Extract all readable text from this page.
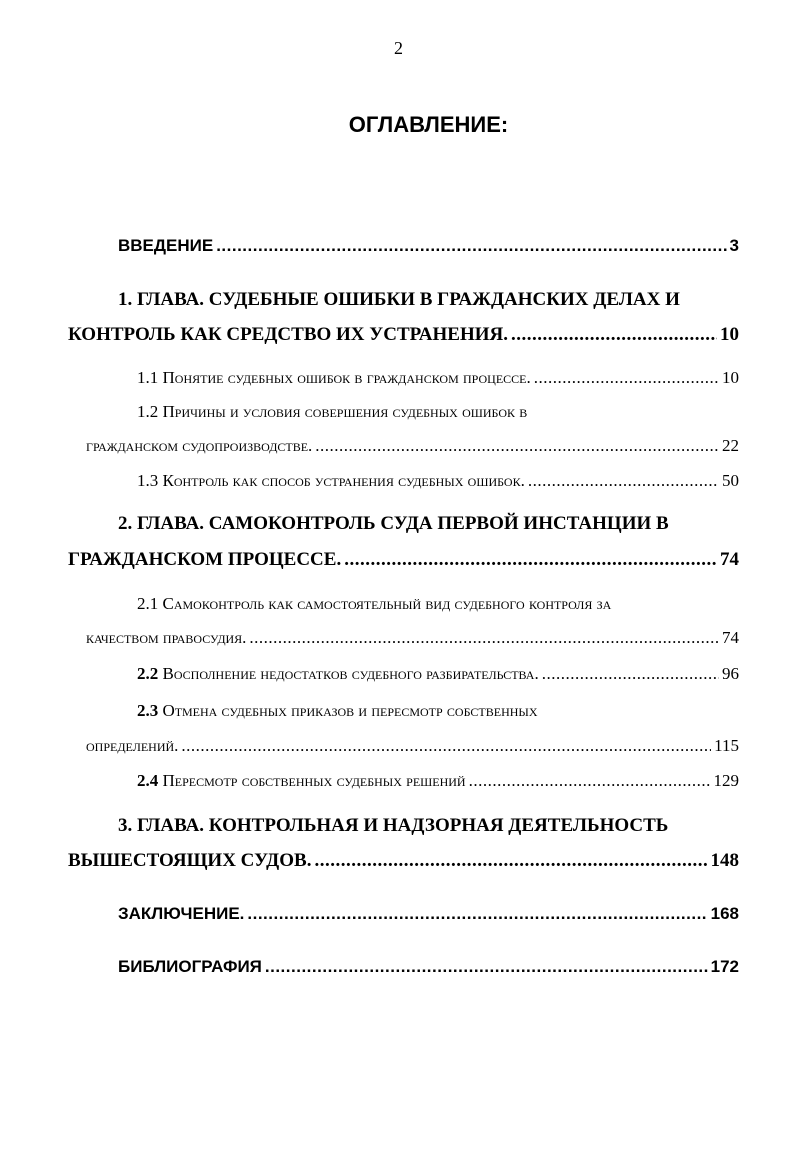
2
ОГЛАВЛЕНИЕ:
ВВЕДЕНИЕ .....	3
1. ГЛАВА. СУДЕБНЫЕ ОШИБКИ В ГРАЖДАНСКИХ ДЕЛАХ И
КОНТРОЛЬ КАК СРЕДСТВО ИХ УСТРАНЕНИЯ. .....	10
1.1 Понятие судебных ошибок в гражданском процессе. .....	10
1.2 Причины и условия совершения судебных ошибок в
гражданском судопроизводстве. .....	22
1.3 Контроль как способ устранения судебных ошибок. .....	50
2. ГЛАВА. САМОКОНТРОЛЬ СУДА ПЕРВОЙ ИНСТАНЦИИ В
ГРАЖДАНСКОМ ПРОЦЕССЕ. .....	74
2.1 Самоконтроль как самостоятельный вид судебного контроля за
качеством правосудия. .....	74
2.2 Восполнение недостатков судебного разбирательства. .....	96
2.3 Отмена судебных приказов и пересмотр собственных
определений. .....	115
2.4 Пересмотр собственных судебных решений .....	129
3. ГЛАВА. КОНТРОЛЬНАЯ И НАДЗОРНАЯ ДЕЯТЕЛЬНОСТЬ
ВЫШЕСТОЯЩИХ СУДОВ. .....	148
ЗАКЛЮЧЕНИЕ. .....	168
БИБЛИОГРАФИЯ .....	172
